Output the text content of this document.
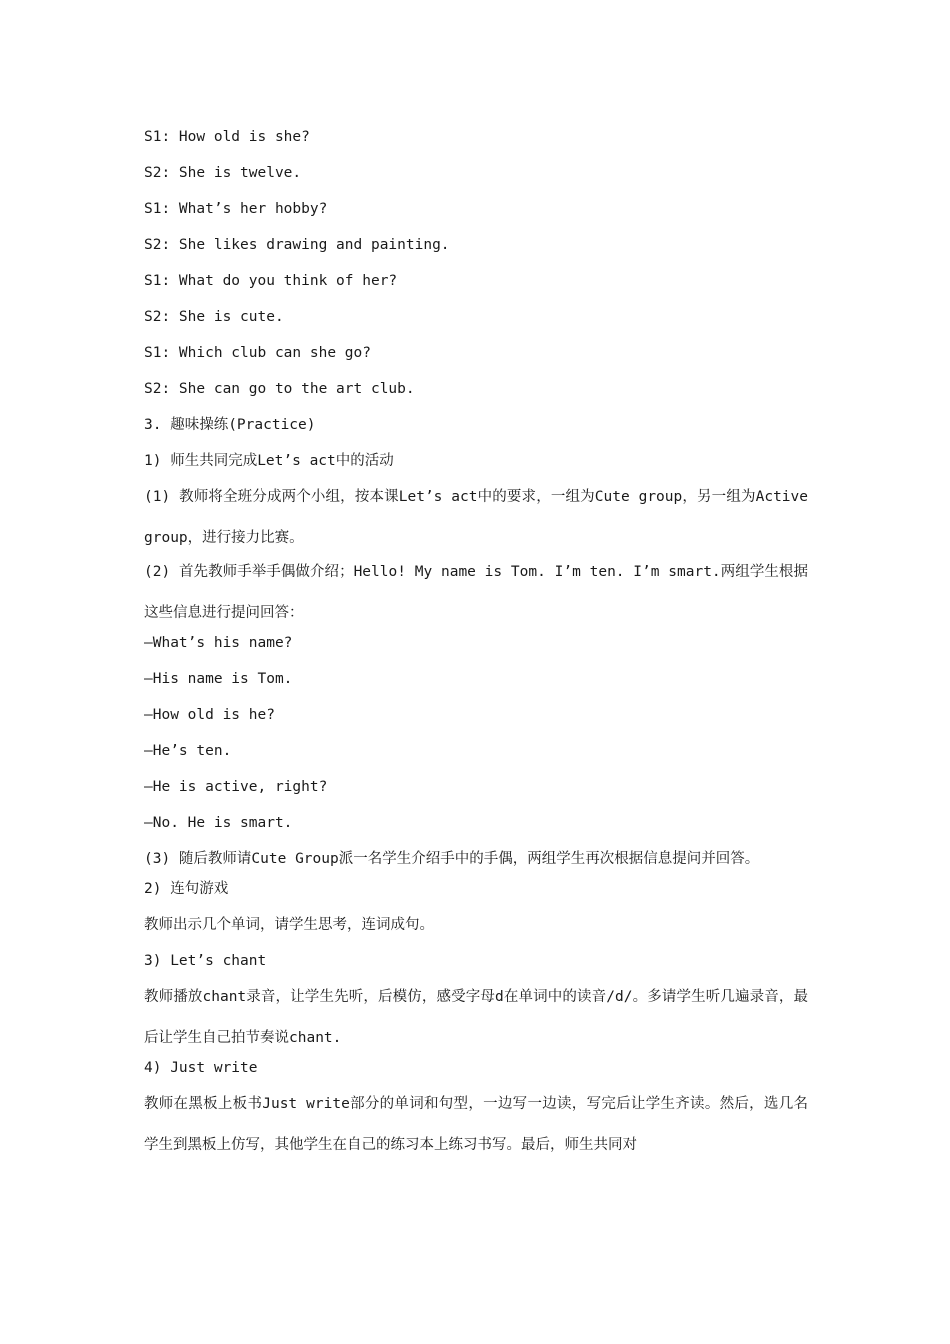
S1: How old is she?
S2: She is twelve.
S1: What’s her hobby?
S2: She likes drawing and painting.
S1: What do you think of her?
S2: She is cute.
S1: Which club can she go?
S2: She can go to the art club.
3. 趣味操练(Practice)
1) 师生共同完成Let’s act中的活动
(1) 教师将全班分成两个小组，按本课Let’s act中的要求，一组为Cute group，另一组为Active group，进行接力比赛。
(2) 首先教师手举手偶做介绍；Hello! My name is Tom. I’m ten. I’m smart.两组学生根据这些信息进行提问回答：
—What’s his name?
—His name is Tom.
—How old is he?
—He’s ten.
—He is active, right?
—No. He is smart.
(3) 随后教师请Cute Group派一名学生介绍手中的手偶，两组学生再次根据信息提问并回答。
2) 连句游戏
教师出示几个单词，请学生思考，连词成句。
3) Let’s chant
教师播放chant录音，让学生先听，后模仿，感受字母d在单词中的读音/d/。多请学生听几遍录音，最后让学生自己拍节奏说chant.
4) Just write
教师在黑板上板书Just write部分的单词和句型，一边写一边读，写完后让学生齐读。然后，选几名学生到黑板上仿写，其他学生在自己的练习本上练习书写。最后，师生共同对
